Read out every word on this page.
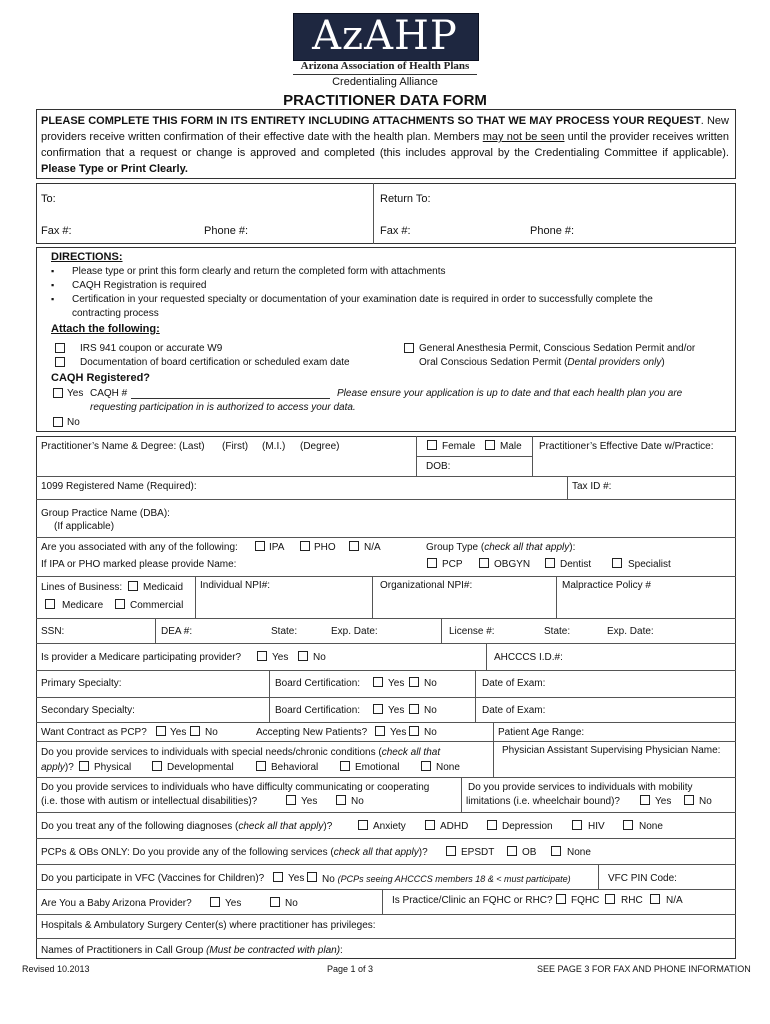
AzAHP
Arizona Association of Health Plans
Credentialing Alliance
PRACTITIONER DATA FORM
PLEASE COMPLETE THIS FORM IN ITS ENTIRETY INCLUDING ATTACHMENTS SO THAT WE MAY PROCESS YOUR REQUEST. New providers receive written confirmation of their effective date with the health plan. Members may not be seen until the provider receives written confirmation that a request or change is approved and completed (this includes approval by the Credentialing Committee if applicable). Please Type or Print Clearly.
To:	Return To:
Fax #:	Phone #:	Fax #:	Phone #:
DIRECTIONS:
▪ Please type or print this form clearly and return the completed form with attachments
▪ CAQH Registration is required
▪ Certification in your requested specialty or documentation of your examination date is required in order to successfully complete the
contracting process
Attach the following:
IRS 941 coupon or accurate W9
Documentation of board certification or scheduled exam date
General Anesthesia Permit, Conscious Sedation Permit and/or
Oral Conscious Sedation Permit (Dental providers only)
CAQH Registered?
Yes CAQH #	Please ensure your application is up to date and that each health plan you are
requesting participation in is authorized to access your data.
No
Practitioner’s Name & Degree: (Last) (First) (M.I.) (Degree)	Female Male Practitioner’s Effective Date w/Practice:
DOB:
1099 Registered Name (Required):	Tax ID #:
Group Practice Name (DBA):
(If applicable)
Are you associated with any of the following:	IPA	PHO	N/A	Group Type (check all that apply):
If IPA or PHO marked please provide Name:	PCP	OBGYN	Dentist	Specialist
Lines of Business: Medicaid
Medicare	Commercial
Individual NPI#:	Organizational NPI#:	Malpractice Policy #
SSN:	DEA #:	State:	Exp. Date:	License #:	State:	Exp. Date:
Is provider a Medicare participating provider?	Yes No	AHCCCS I.D.#:
Primary Specialty:	Board Certification:	Yes No	Date of Exam:
Secondary Specialty:	Board Certification:	Yes No	Date of Exam:
Want Contract as PCP? Yes No	Accepting New Patients? Yes No	Patient Age Range:
Do you provide services to individuals with special needs/chronic conditions (check all that
apply)? Physical	Developmental	Behavioral	Emotional	None
Physician Assistant Supervising Physician Name:
Do you provide services to individuals who have difficulty communicating or cooperating
(i.e. those with autism or intellectual disabilities)?	Yes	No
Do you provide services to individuals with mobility
limitations (i.e. wheelchair bound)?	Yes	No
Do you treat any of the following diagnoses (check all that apply)?	Anxiety	ADHD	Depression	HIV	None
PCPs & OBs ONLY: Do you provide any of the following services (check all that apply)?	EPSDT	OB	None
Do you participate in VFC (Vaccines for Children)? Yes No (PCPs seeing AHCCCS members 18 & < must participate)	VFC PIN Code:
Are You a Baby Arizona Provider?	Yes	No	Is Practice/Clinic an FQHC or RHC? FQHC RHC N/A
Hospitals & Ambulatory Surgery Center(s) where practitioner has privileges:
Names of Practitioners in Call Group (Must be contracted with plan):
Revised 10.2013	Page 1 of 3	SEE PAGE 3 FOR FAX AND PHONE INFORMATION
